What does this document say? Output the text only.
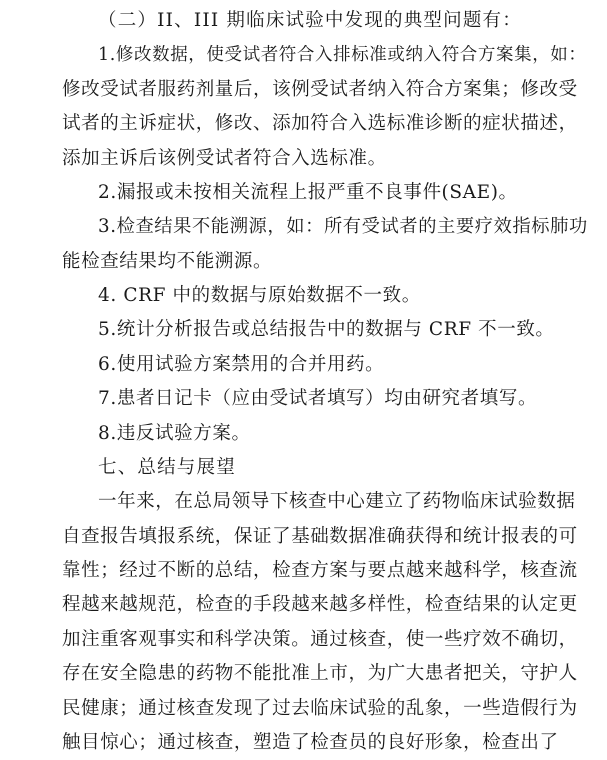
（二）II、III 期临床试验中发现的典型问题有：
1.修改数据，使受试者符合入排标准或纳入符合方案集，如：
修改受试者服药剂量后，该例受试者纳入符合方案集；修改受
试者的主诉症状，修改、添加符合入选标准诊断的症状描述，
添加主诉后该例受试者符合入选标准。
2.漏报或未按相关流程上报严重不良事件(SAE)。
3.检查结果不能溯源，如：所有受试者的主要疗效指标肺功
能检查结果均不能溯源。
4. CRF 中的数据与原始数据不一致。
5.统计分析报告或总结报告中的数据与 CRF 不一致。
6.使用试验方案禁用的合并用药。
7.患者日记卡（应由受试者填写）均由研究者填写。
8.违反试验方案。
七、总结与展望
一年来，在总局领导下核查中心建立了药物临床试验数据
自查报告填报系统，保证了基础数据准确获得和统计报表的可
靠性；经过不断的总结，检查方案与要点越来越科学，核查流
程越来越规范，检查的手段越来越多样性，检查结果的认定更
加注重客观事实和科学决策。通过核查，使一些疗效不确切，
存在安全隐患的药物不能批准上市，为广大患者把关，守护人
民健康；通过核查发现了过去临床试验的乱象，一些造假行为
触目惊心；通过核查，塑造了检查员的良好形象，检查出了
